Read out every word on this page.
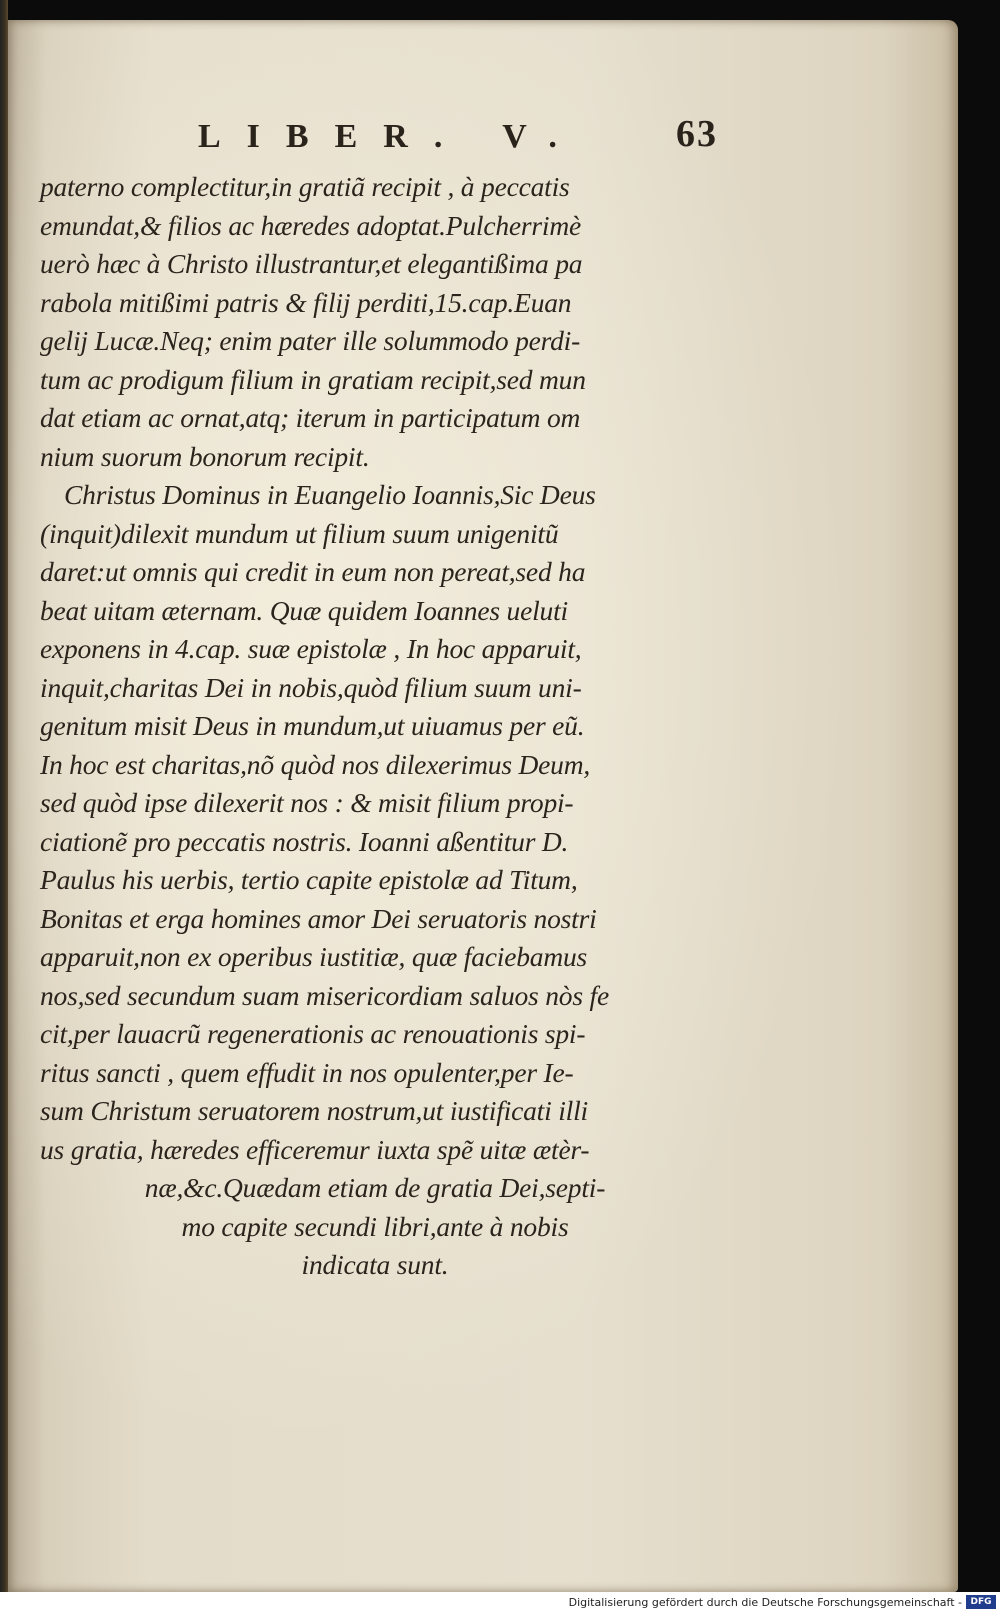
LIBER. V. 63
paterno complectitur,in gratiã recipit , à peccatis
emundat,& filios ac hæredes adoptat.Pulcherrimè
uerò hæc à Christo illustrantur,et elegantißima pa
rabola mitißimi patris & filij perditi,15.cap.Euan
gelij Lucæ.Neq; enim pater ille solummodo perdi-
tum ac prodigum filium in gratiam recipit,sed mun
dat etiam ac ornat,atq; iterum in participatum om
nium suorum bonorum recipit.
Christus Dominus in Euangelio Ioannis,Sic Deus
(inquit)dilexit mundum ut filium suum unigenitũ
daret:ut omnis qui credit in eum non pereat,sed ha
beat uitam æternam. Quæ quidem Ioannes ueluti
exponens in 4.cap. suæ epistolæ , In hoc apparuit,
inquit,charitas Dei in nobis,quòd filium suum uni-
genitum misit Deus in mundum,ut uiuamus per eũ.
In hoc est charitas,nõ quòd nos dilexerimus Deum,
sed quòd ipse dilexerit nos : & misit filium propi-
ciationẽ pro peccatis nostris. Ioanni aßentitur D.
Paulus his uerbis, tertio capite epistolæ ad Titum,
Bonitas et erga homines amor Dei seruatoris nostri
apparuit,non ex operibus iustitiæ, quæ faciebamus
nos,sed secundum suam misericordiam saluos nòs fe
cit,per lauacrũ regenerationis ac renouationis spi-
ritus sancti , quem effudit in nos opulenter,per Ie-
sum Christum seruatorem nostrum,ut iustificati illi
us gratia, hæredes efficeremur iuxta spẽ uitæ ætèr-
næ,&c.Quædam etiam de gratia Dei,septi-
mo capite secundi libri,ante à nobis
indicata sunt.
Digitalisierung gefördert durch die Deutsche Forschungsgemeinschaft - DFG
